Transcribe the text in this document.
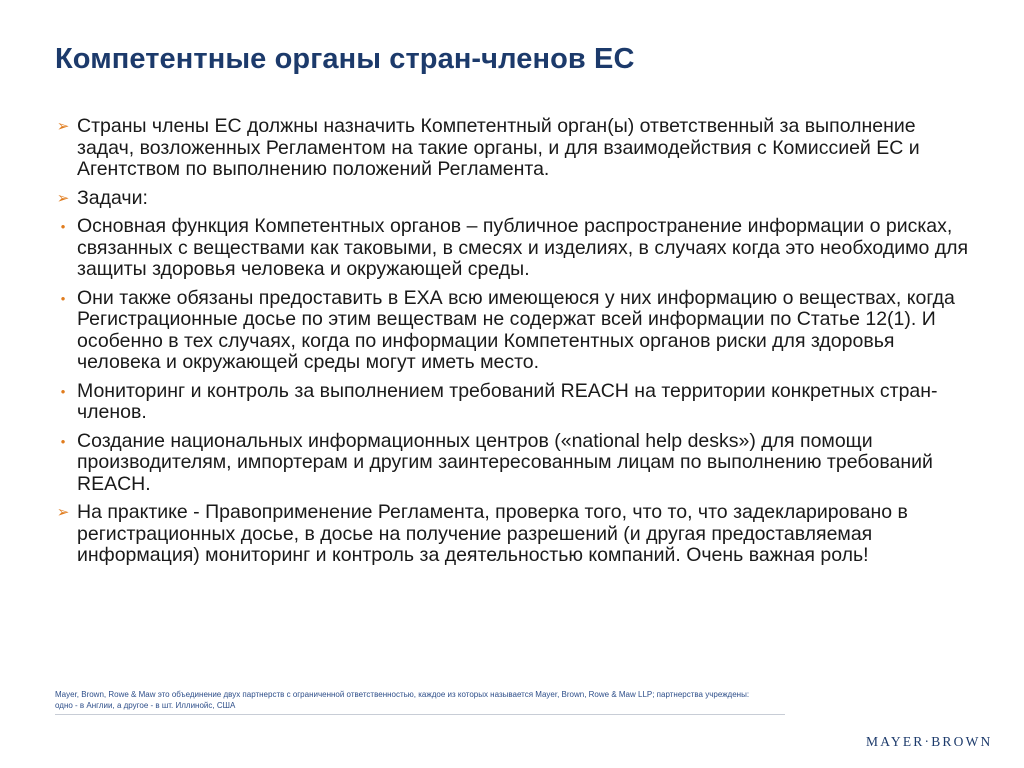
Компетентные органы стран-членов ЕС
➢ Страны члены ЕС должны назначить Компетентный орган(ы) ответственный за выполнение задач, возложенных Регламентом на такие органы, и для взаимодействия с Комиссией ЕС и Агентством по выполнению положений Регламента.
➢ Задачи:
• Основная функция Компетентных органов – публичное распространение информации о рисках, связанных с веществами как таковыми, в смесях и изделиях, в случаях когда это необходимо для защиты здоровья человека и окружающей среды.
• Они также обязаны предоставить в ЕХА всю имеющеюся у них информацию о веществах, когда Регистрационные досье по этим веществам не содержат всей информации по Статье 12(1). И особенно в тех случаях, когда по информации Компетентных органов риски для здоровья человека и окружающей среды могут иметь место.
• Мониторинг и контроль за выполнением требований REACH на территории конкретных стран-членов.
• Создание национальных информационных центров («national help desks») для помощи производителям, импортерам и другим заинтересованным лицам по выполнению требований REACH.
➢ На практике - Правоприменение Регламента, проверка того, что то, что задекларировано в регистрационных досье, в досье на получение разрешений (и другая предоставляемая информация) мониторинг и контроль за деятельностью компаний. Очень важная роль!

Mayer, Brown, Rowe & Maw это объединение двух партнерств с ограниченной ответственностью, каждое из которых называется Mayer, Brown, Rowe & Maw LLP; партнерства учреждены:
одно - в Англии, а другое - в шт. Иллинойс, США

MAYER·BROWN
